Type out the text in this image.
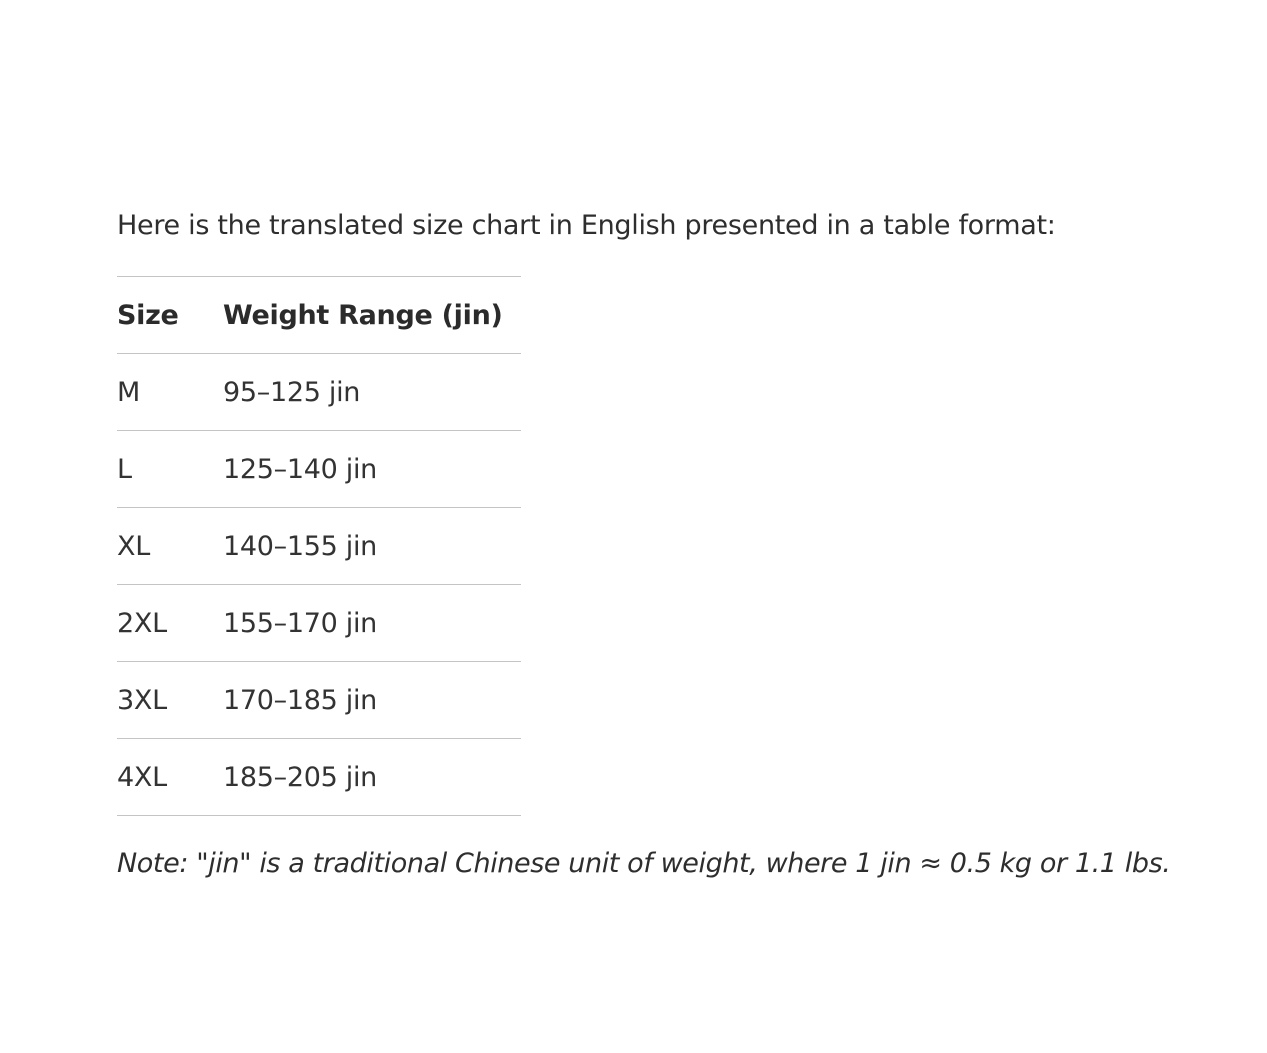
Here is the translated size chart in English presented in a table format:

Size	Weight Range (jin)
M	95–125 jin
L	125–140 jin
XL	140–155 jin
2XL	155–170 jin
3XL	170–185 jin
4XL	185–205 jin

Note: "jin" is a traditional Chinese unit of weight, where 1 jin ≈ 0.5 kg or 1.1 lbs.
